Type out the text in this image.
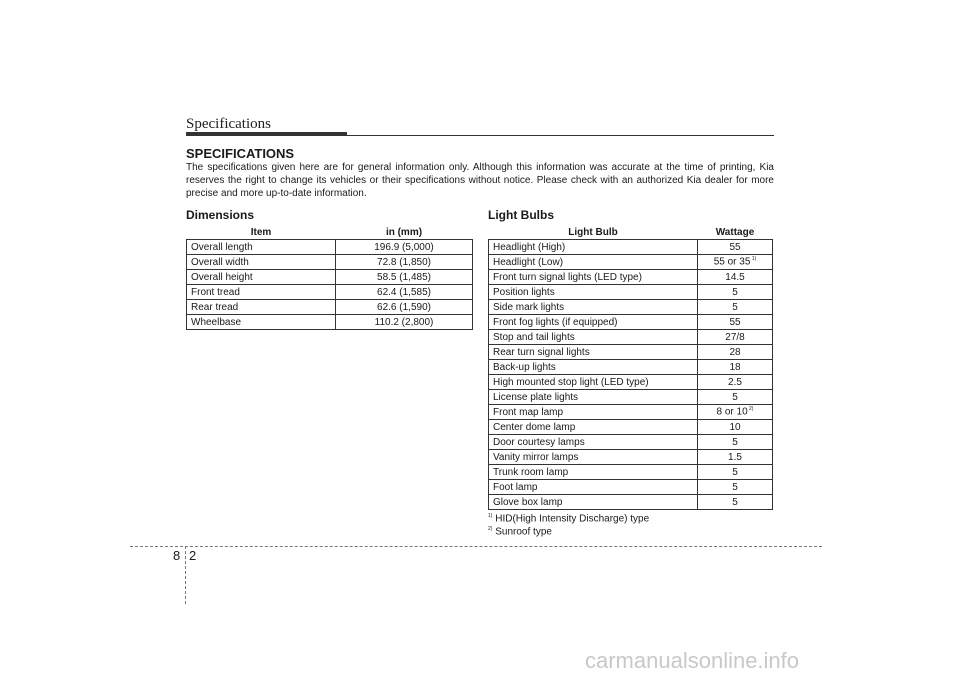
Specifications
SPECIFICATIONS
The specifications given here are for general information only. Although this information was accurate at the time of printing, Kia reserves the right to change its vehicles or their specifications without notice. Please check with an authorized Kia dealer for more precise and more up-to-date information.
Dimensions
Item	in (mm)
Overall length	196.9 (5,000)
Overall width	72.8 (1,850)
Overall height	58.5 (1,485)
Front tread	62.4 (1,585)
Rear tread	62.6 (1,590)
Wheelbase	110.2 (2,800)
Light Bulbs
Light Bulb	Wattage
Headlight (High)	55
Headlight (Low)	55 or 35 $^{1)}$
Front turn signal lights (LED type)	14.5
Position lights	5
Side mark lights	5
Front fog lights (if equipped)	55
Stop and tail lights	27/8
Rear turn signal lights	28
Back-up lights	18
High mounted stop light (LED type)	2.5
License plate lights	5
Front map lamp	8 or 10 $^{2)}$
Center dome lamp	10
Door courtesy lamps	5
Vanity mirror lamps	1.5
Trunk room lamp	5
Foot lamp	5
Glove box lamp	5
$^{1)}$ HID(High Intensity Discharge) type
$^{2)}$ Sunroof type
8 2
carmanualsonline.info
